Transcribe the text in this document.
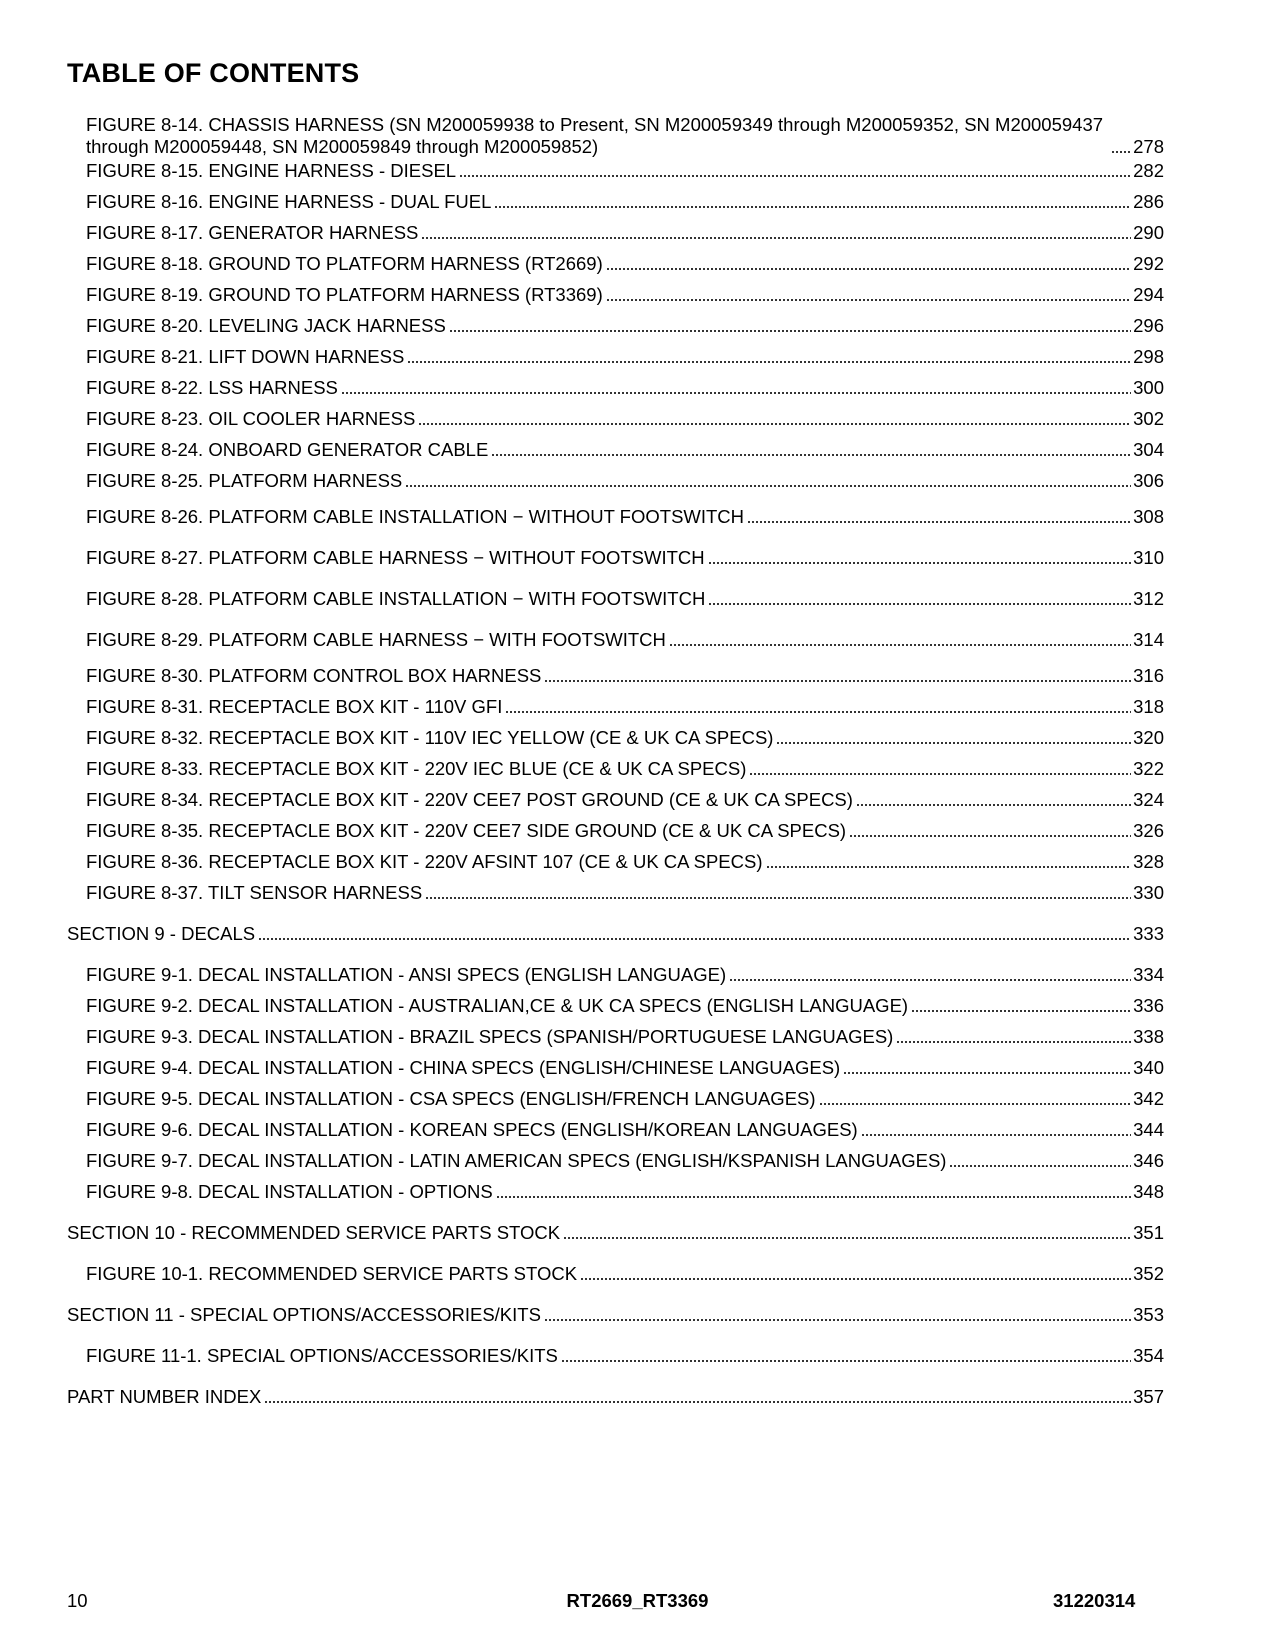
TABLE OF CONTENTS
FIGURE 8-14. CHASSIS HARNESS (SN M200059938 to Present, SN M200059349 through M200059352, SN M200059437
through M200059448, SN M200059849 through M200059852)	278
FIGURE 8-15. ENGINE HARNESS - DIESEL	282
FIGURE 8-16. ENGINE HARNESS - DUAL FUEL	286
FIGURE 8-17. GENERATOR HARNESS	290
FIGURE 8-18. GROUND TO PLATFORM HARNESS (RT2669)	292
FIGURE 8-19. GROUND TO PLATFORM HARNESS (RT3369)	294
FIGURE 8-20. LEVELING JACK HARNESS	296
FIGURE 8-21. LIFT DOWN HARNESS	298
FIGURE 8-22. LSS HARNESS	300
FIGURE 8-23. OIL COOLER HARNESS	302
FIGURE 8-24. ONBOARD GENERATOR CABLE	304
FIGURE 8-25. PLATFORM HARNESS	306
FIGURE 8-26. PLATFORM CABLE INSTALLATION − WITHOUT FOOTSWITCH	308
FIGURE 8-27. PLATFORM CABLE HARNESS − WITHOUT FOOTSWITCH	310
FIGURE 8-28. PLATFORM CABLE INSTALLATION − WITH FOOTSWITCH	312
FIGURE 8-29. PLATFORM CABLE HARNESS − WITH FOOTSWITCH	314
FIGURE 8-30. PLATFORM CONTROL BOX HARNESS	316
FIGURE 8-31. RECEPTACLE BOX KIT - 110V GFI	318
FIGURE 8-32. RECEPTACLE BOX KIT - 110V IEC YELLOW (CE & UK CA SPECS)	320
FIGURE 8-33. RECEPTACLE BOX KIT - 220V IEC BLUE (CE & UK CA SPECS)	322
FIGURE 8-34. RECEPTACLE BOX KIT - 220V CEE7 POST GROUND (CE & UK CA SPECS)	324
FIGURE 8-35. RECEPTACLE BOX KIT - 220V CEE7 SIDE GROUND (CE & UK CA SPECS)	326
FIGURE 8-36. RECEPTACLE BOX KIT - 220V AFSINT 107 (CE & UK CA SPECS)	328
FIGURE 8-37. TILT SENSOR HARNESS	330
SECTION 9 - DECALS	333
FIGURE 9-1. DECAL INSTALLATION - ANSI SPECS (ENGLISH LANGUAGE)	334
FIGURE 9-2. DECAL INSTALLATION - AUSTRALIAN,CE & UK CA SPECS (ENGLISH LANGUAGE)	336
FIGURE 9-3. DECAL INSTALLATION - BRAZIL SPECS (SPANISH/PORTUGUESE LANGUAGES)	338
FIGURE 9-4. DECAL INSTALLATION - CHINA SPECS (ENGLISH/CHINESE LANGUAGES)	340
FIGURE 9-5. DECAL INSTALLATION - CSA SPECS (ENGLISH/FRENCH LANGUAGES)	342
FIGURE 9-6. DECAL INSTALLATION - KOREAN SPECS (ENGLISH/KOREAN LANGUAGES)	344
FIGURE 9-7. DECAL INSTALLATION - LATIN AMERICAN SPECS (ENGLISH/KSPANISH LANGUAGES)	346
FIGURE 9-8. DECAL INSTALLATION - OPTIONS	348
SECTION 10 - RECOMMENDED SERVICE PARTS STOCK	351
FIGURE 10-1. RECOMMENDED SERVICE PARTS STOCK	352
SECTION 11 - SPECIAL OPTIONS/ACCESSORIES/KITS	353
FIGURE 11-1. SPECIAL OPTIONS/ACCESSORIES/KITS	354
PART NUMBER INDEX	357
10	RT2669_RT3369	31220314
